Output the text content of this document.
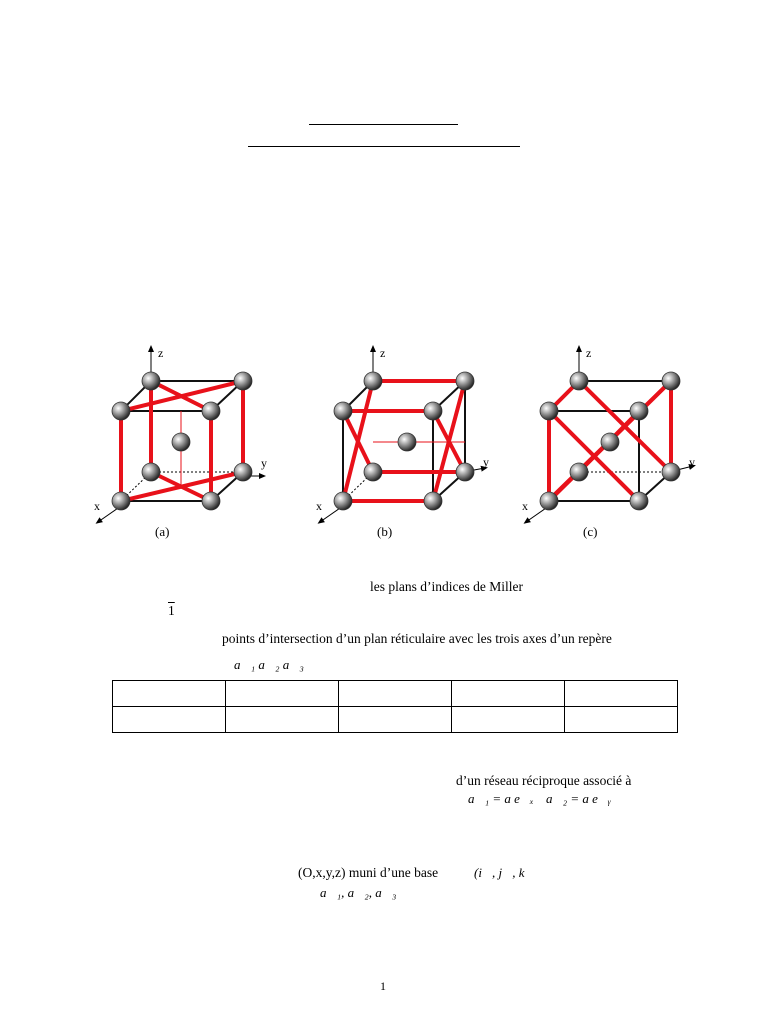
z
y
x
(a)
z
y
x
(b)
z
y
x
(c)
les plans d’indices de Miller
1
points d’intersection d’un plan réticulaire avec les trois axes d’un repère
a⃗₁ a⃗₂ a⃗₃

d’un réseau réciproque associé à
a⃗₁ = a e⃗ₓ a⃗₂ = a e⃗ᵧ
(O,x,y,z) muni d’une base	(i⃗, j⃗, k⃗
a⃗₁, a⃗₂, a⃗₃
1
